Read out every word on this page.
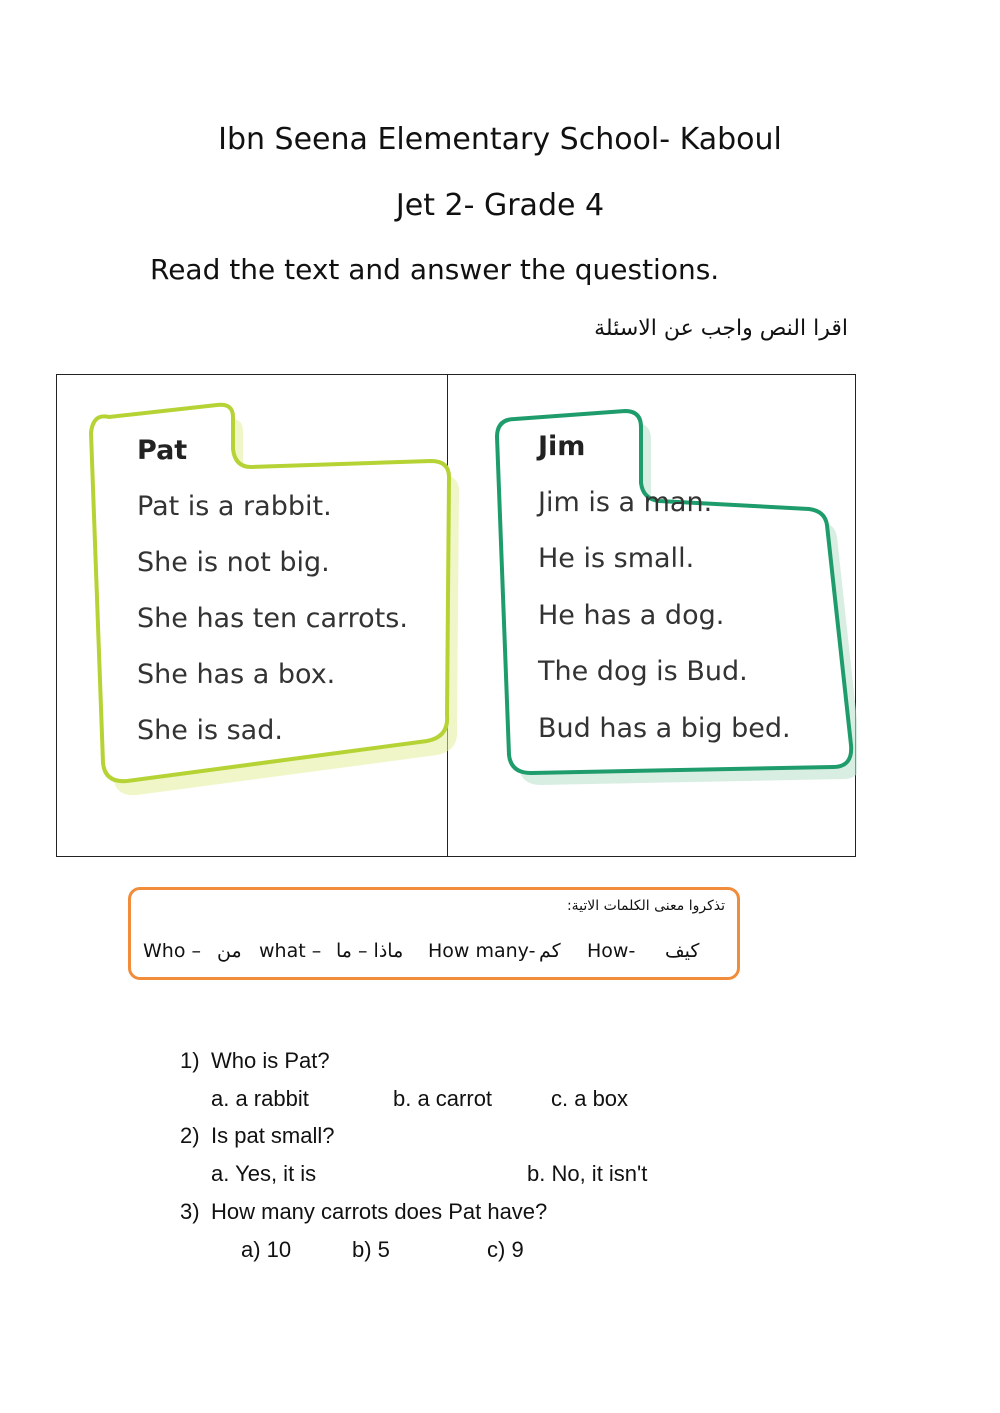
Ibn Seena Elementary School- Kaboul
Jet 2- Grade 4
Read the text and answer the questions.
اقرا النص واجب عن الاسئلة
Pat
Pat is a rabbit.
She is not big.
She has ten carrots.
She has a box.
She is sad.
Jim
Jim is a man.
He is small.
He has a dog.
The dog is Bud.
Bud has a big bed.
تذكروا معنى الكلمات الاتية:
Who – من what – ماذا – ما How many- كم How- كيف
1) Who is Pat?
a. a rabbit	b. a carrot	c. a box
2) Is pat small?
a. Yes, it is	b. No, it isn't
3) How many carrots does Pat have?
a) 10	b) 5	c) 9
